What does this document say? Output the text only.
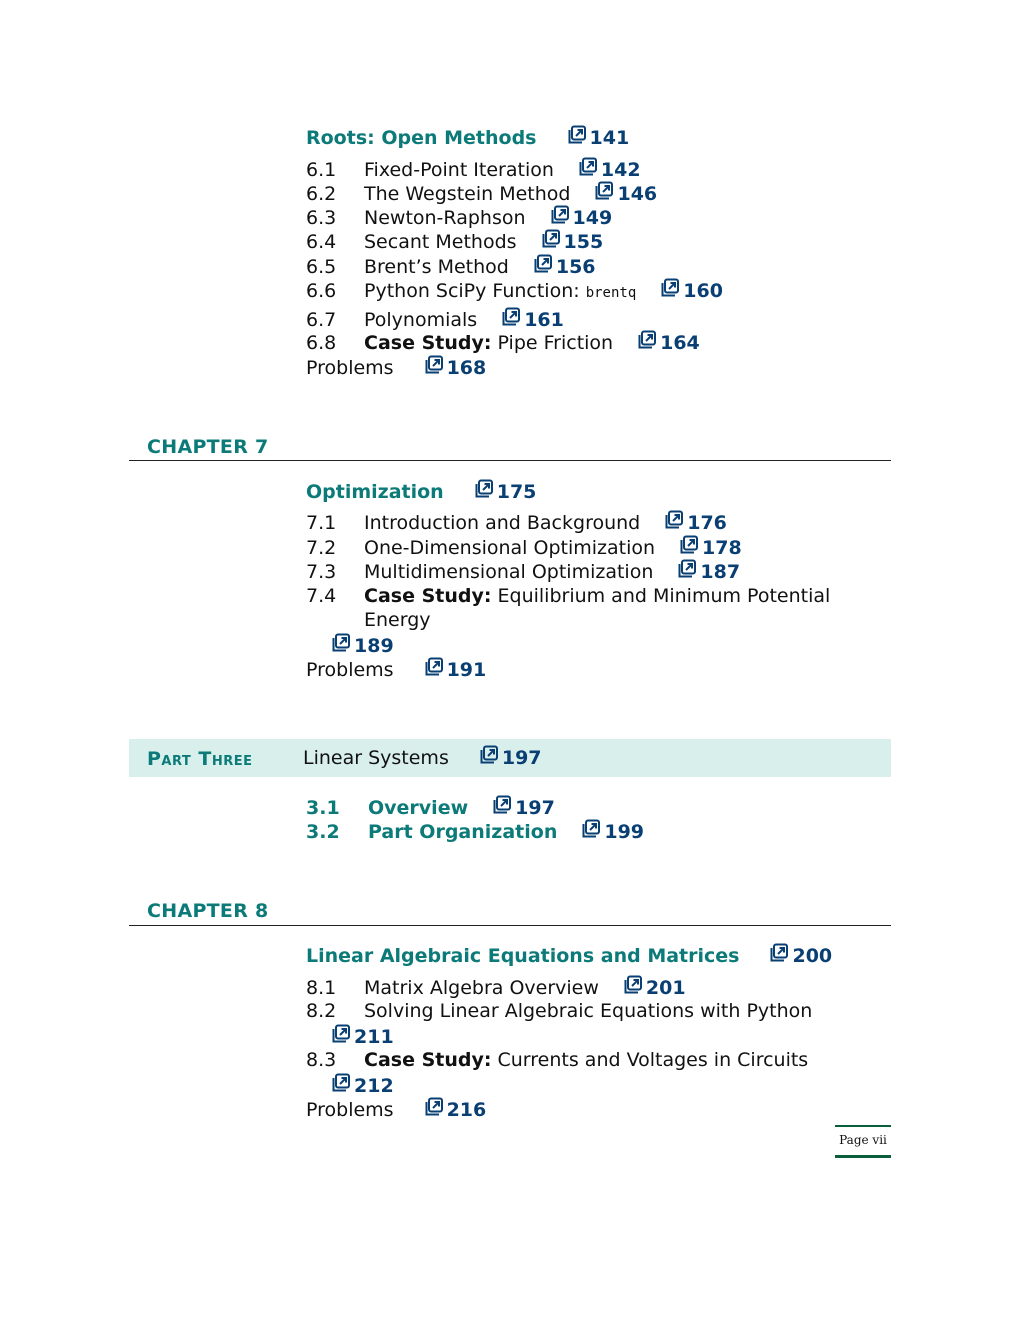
Roots: Open Methods	141
6.1 Fixed-Point Iteration 142
6.2 The Wegstein Method 146
6.3 Newton-Raphson 149
6.4 Secant Methods 155
6.5 Brent’s Method 156
6.6 Python SciPy Function: brentq 160
6.7 Polynomials 161
6.8 Case Study: Pipe Friction 164
Problems	168
CHAPTER 7
Optimization	175
7.1 Introduction and Background 176
7.2 One-Dimensional Optimization 178
7.3 Multidimensional Optimization 187
7.4 Case Study: Equilibrium and Minimum Potential
Energy
189
Problems	191
Part Three	Linear Systems	197
3.1 Overview 197
3.2 Part Organization 199
CHAPTER 8
Linear Algebraic Equations and Matrices	200
8.1 Matrix Algebra Overview 201
8.2 Solving Linear Algebraic Equations with Python
211
8.3 Case Study: Currents and Voltages in Circuits
212
Problems	216
Page vii
